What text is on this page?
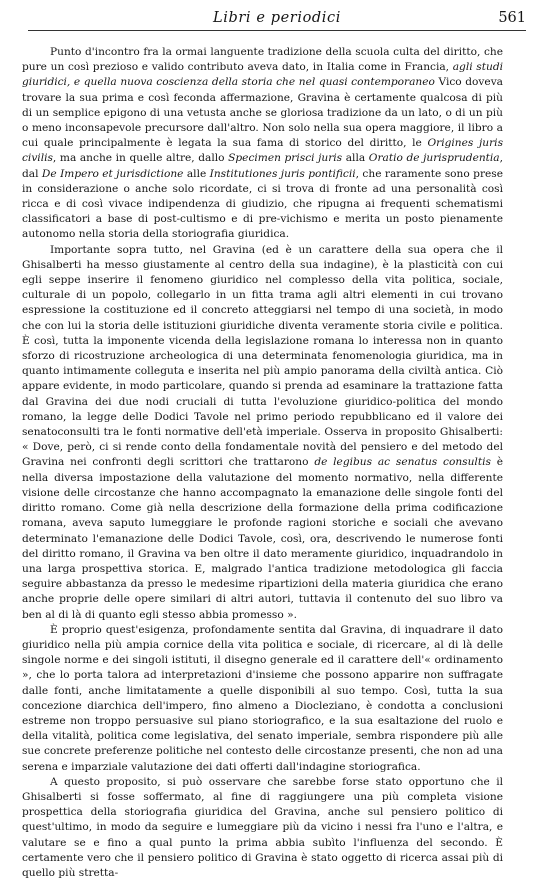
Libri e periodici	561

Punto d'incontro fra la ormai languente tradizione della scuola culta del diritto, che pure un così prezioso e valido contributo aveva dato, in Italia come in Francia, agli studi giuridici, e quella nuova coscienza della storia che nel quasi contemporaneo Vico doveva trovare la sua prima e così feconda affermazione, Gravina è certamente qualcosa di più di un semplice epigono di una vetusta anche se gloriosa tradizione da un lato, o di un più o meno inconsapevole precursore dall'altro. Non solo nella sua opera maggiore, il libro a cui quale principalmente è legata la sua fama di storico del diritto, le Origines juris civilis, ma anche in quelle altre, dallo Specimen prisci juris alla Oratio de jurisprudentia, dal De Impero et jurisdictione alle Institutiones juris pontificii, che raramente sono prese in considerazione o anche solo ricordate, ci si trova di fronte ad una personalità così ricca e di così vivace indipendenza di giudizio, che ripugna ai frequenti schematismi classificatori a base di post-cultismo e di pre-vichismo e merita un posto pienamente autonomo nella storia della storiografia giuridica.

Importante sopra tutto, nel Gravina (ed è un carattere della sua opera che il Ghisalberti ha messo giustamente al centro della sua indagine), è la plasticità con cui egli seppe inserire il fenomeno giuridico nel complesso della vita politica, sociale, culturale di un popolo, collegarlo in un fitta trama agli altri elementi in cui trovano espressione la costituzione ed il concreto atteggiarsi nel tempo di una società, in modo che con lui la storia delle istituzioni giuridiche diventa veramente storia civile e politica. È così, tutta la imponente vicenda della legislazione romana lo interessa non in quanto sforzo di ricostruzione archeologica di una determinata fenomenologia giuridica, ma in quanto intimamente colleguta e inserita nel più ampio panorama della civiltà antica. Ciò appare evidente, in modo particolare, quando si prenda ad esaminare la trattazione fatta dal Gravina dei due nodi cruciali di tutta l'evoluzione giuridico-politica del mondo romano, la legge delle Dodici Tavole nel primo periodo repubblicano ed il valore dei senatoconsulti tra le fonti normative dell'età imperiale. Osserva in proposito Ghisalberti: « Dove, però, ci si rende conto della fondamentale novità del pensiero e del metodo del Gravina nei confronti degli scrittori che trattarono de legibus ac senatus consultis è nella diversa impostazione della valutazione del momento normativo, nella differente visione delle circostanze che hanno accompagnato la emanazione delle singole fonti del diritto romano. Come già nella descrizione della formazione della prima codificazione romana, aveva saputo lumeggiare le profonde ragioni storiche e sociali che avevano determinato l'emanazione delle Dodici Tavole, così, ora, descrivendo le numerose fonti del diritto romano, il Gravina va ben oltre il dato meramente giuridico, inquadrandolo in una larga prospettiva storica. E, malgrado l'antica tradizione metodologica gli faccia seguire abbastanza da presso le medesime ripartizioni della materia giuridica che erano anche proprie delle opere similari di altri autori, tuttavia il contenuto del suo libro va ben al di là di quanto egli stesso abbia promesso ».

È proprio quest'esigenza, profondamente sentita dal Gravina, di inquadrare il dato giuridico nella più ampia cornice della vita politica e sociale, di ricercare, al di là delle singole norme e dei singoli istituti, il disegno generale ed il carattere dell'« ordinamento », che lo porta talora ad interpretazioni d'insieme che possono apparire non suffragate dalle fonti, anche limitatamente a quelle disponibili al suo tempo. Così, tutta la sua concezione diarchica dell'impero, fino almeno a Diocleziano, è condotta a conclusioni estreme non troppo persuasive sul piano storiografico, e la sua esaltazione del ruolo e della vitalità, politica come legislativa, del senato imperiale, sembra rispondere più alle sue concrete preferenze politiche nel contesto delle circostanze presenti, che non ad una serena e imparziale valutazione dei dati offerti dall'indagine storiografica.

A questo proposito, si può osservare che sarebbe forse stato opportuno che il Ghisalberti si fosse soffermato, al fine di raggiungere una più completa visione prospettica della storiografia giuridica del Gravina, anche sul pensiero politico di quest'ultimo, in modo da seguire e lumeggiare più da vicino i nessi fra l'uno e l'altra, e valutare se e fino a qual punto la prima abbia subìto l'influenza del secondo. È certamente vero che il pensiero politico di Gravina è stato oggetto di ricerca assai più di quello più stretta-
